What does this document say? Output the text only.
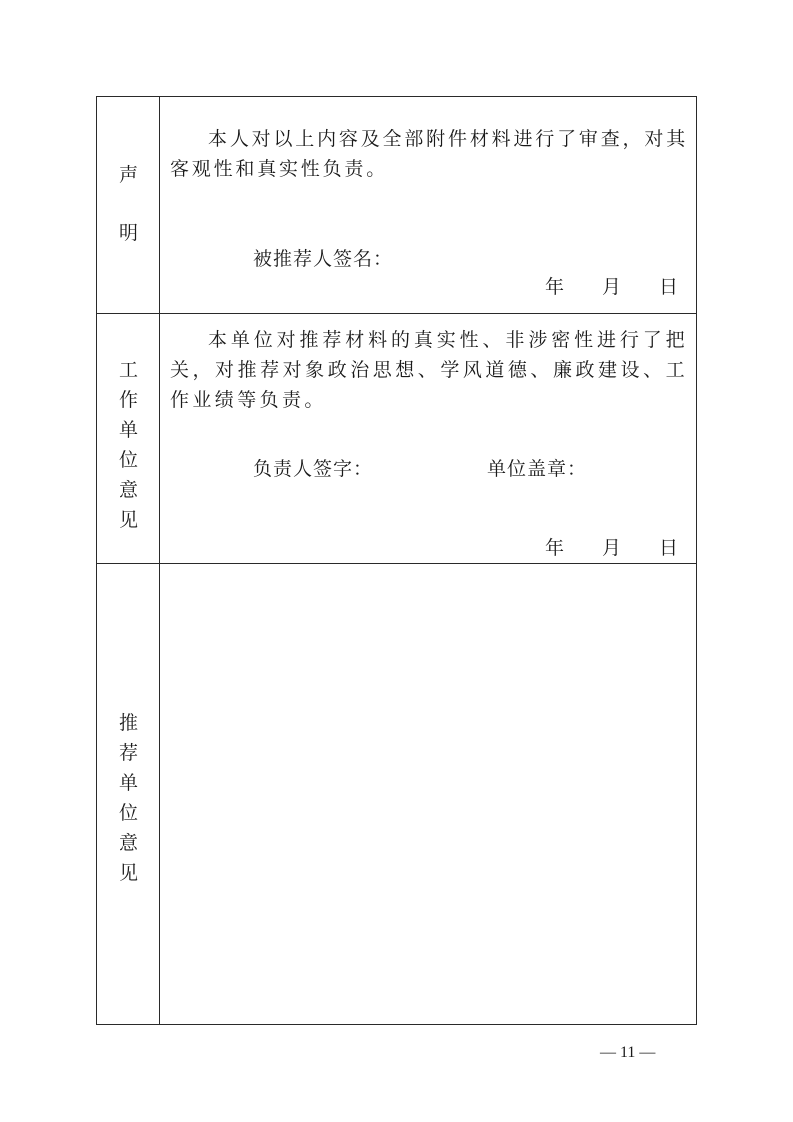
声
明

本人对以上内容及全部附件材料进行了审查，对其客观性和真实性负责。

被推荐人签名：
年　　月　　日
工
作
单
位
意
见

本单位对推荐材料的真实性、非涉密性进行了把关，对推荐对象政治思想、学风道德、廉政建设、工作业绩等负责。

负责人签字：	单位盖章：
年　　月　　日
推
荐
单
位
意
见
— 11 —
